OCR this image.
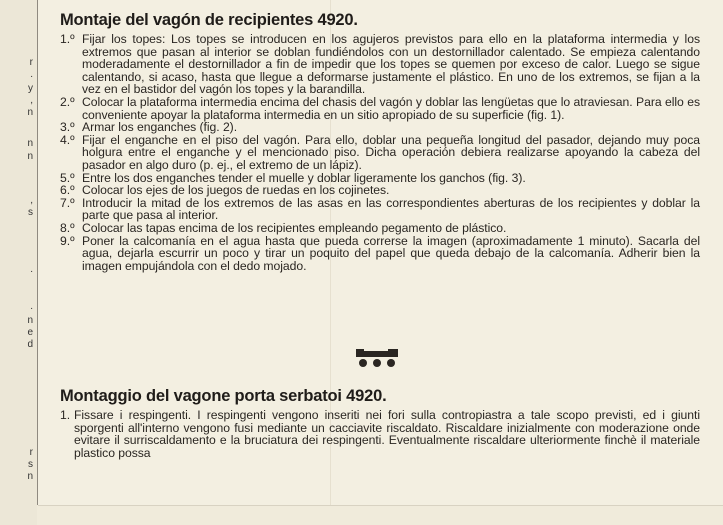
r
.
y
,
n
n
n
,
s
.
.
n
e
d
r
s
n
Montaje del vagón de recipientes 4920.
1.º Fijar los topes: Los topes se introducen en los agujeros previstos para ello en la plataforma intermedia y los extremos que pasan al interior se doblan fundiéndolos con un destornillador calentado. Se empieza calentando moderadamente el destornillador a fin de impedir que los topes se quemen por exceso de calor. Luego se sigue calentando, si acaso, hasta que llegue a deformarse justamente el plástico. En uno de los extremos, se fijan a la vez en el bastidor del vagón los topes y la barandilla.
2.º Colocar la plataforma intermedia encima del chasis del vagón y doblar las lengüetas que lo atraviesan. Para ello es conveniente apoyar la plataforma intermedia en un sitio apropiado de su superficie (fig. 1).
3.º Armar los enganches (fig. 2).
4.º Fijar el enganche en el piso del vagón. Para ello, doblar una pequeña longitud del pasador, dejando muy poca holgura entre el enganche y el mencionado piso. Dicha operación debiera realizarse apoyando la cabeza del pasador en algo duro (p. ej., el extremo de un lápiz).
5.º Entre los dos enganches tender el muelle y doblar ligeramente los ganchos (fig. 3).
6.º Colocar los ejes de los juegos de ruedas en los cojinetes.
7.º Introducir la mitad de los extremos de las asas en las correspondientes aberturas de los recipientes y doblar la parte que pasa al interior.
8.º Colocar las tapas encima de los recipientes empleando pegamento de plástico.
9.º Poner la calcomanía en el agua hasta que pueda correrse la imagen (aproximadamente 1 minuto). Sacarla del agua, dejarla escurrir un poco y tirar un poquito del papel que queda debajo de la calcomanía. Adherir bien la imagen empujándola con el dedo mojado.
Montaggio del vagone porta serbatoi 4920.
1. Fissare i respingenti. I respingenti vengono inseriti nei fori sulla contropiastra a tale scopo previsti, ed i giunti sporgenti all'interno vengono fusi mediante un cacciavite riscaldato. Riscaldare inizialmente con moderazione onde evitare il surriscaldamento e la bruciatura dei respingenti. Eventualmente riscaldare ulteriormente finchè il materiale plastico possa
